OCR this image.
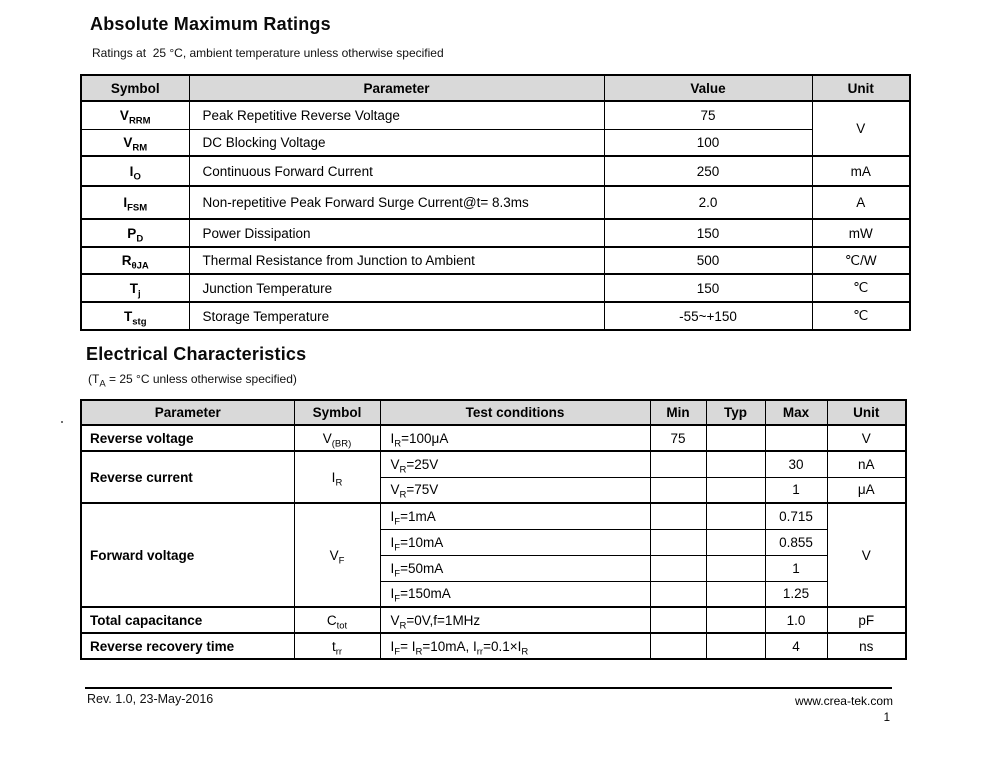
Absolute Maximum Ratings
Ratings at  25 °C, ambient temperature unless otherwise specified
Symbol	Parameter	Value	Unit
$V_{RRM}$	Peak Repetitive Reverse Voltage	75	V
$V_{RM}$	DC Blocking Voltage	100	
$I_O$	Continuous Forward Current	250	mA
$I_{FSM}$	Non-repetitive Peak Forward Surge Current@t= 8.3ms	2.0	A
$P_D$	Power Dissipation	150	mW
$R_{\theta JA}$	Thermal Resistance from Junction to Ambient	500	℃/W
$T_j$	Junction Temperature	150	℃
$T_{stg}$	Storage Temperature	-55~+150	℃
Electrical Characteristics
($T_A = 25$ °C unless otherwise specified)
Parameter	Symbol	Test conditions	Min	Typ	Max	Unit
Reverse voltage	$V_{(BR)}$	$I_R=100\mu A$	75			V
Reverse current	$I_R$	$V_R=25V$			30	nA
		$V_R=75V$			1	μA
Forward voltage	$V_F$	$I_F=1mA$			0.715	V
		$I_F=10mA$			0.855	
		$I_F=50mA$			1	
		$I_F=150mA$			1.25	
Total capacitance	$C_{tot}$	$V_R=0V,f=1MHz$			1.0	pF
Reverse recovery time	$t_{rr}$	$I_F= I_R=10mA$, $I_{rr}=0.1\times I_R$			4	ns
Rev. 1.0, 23-May-2016	www.crea-tek.com
1
